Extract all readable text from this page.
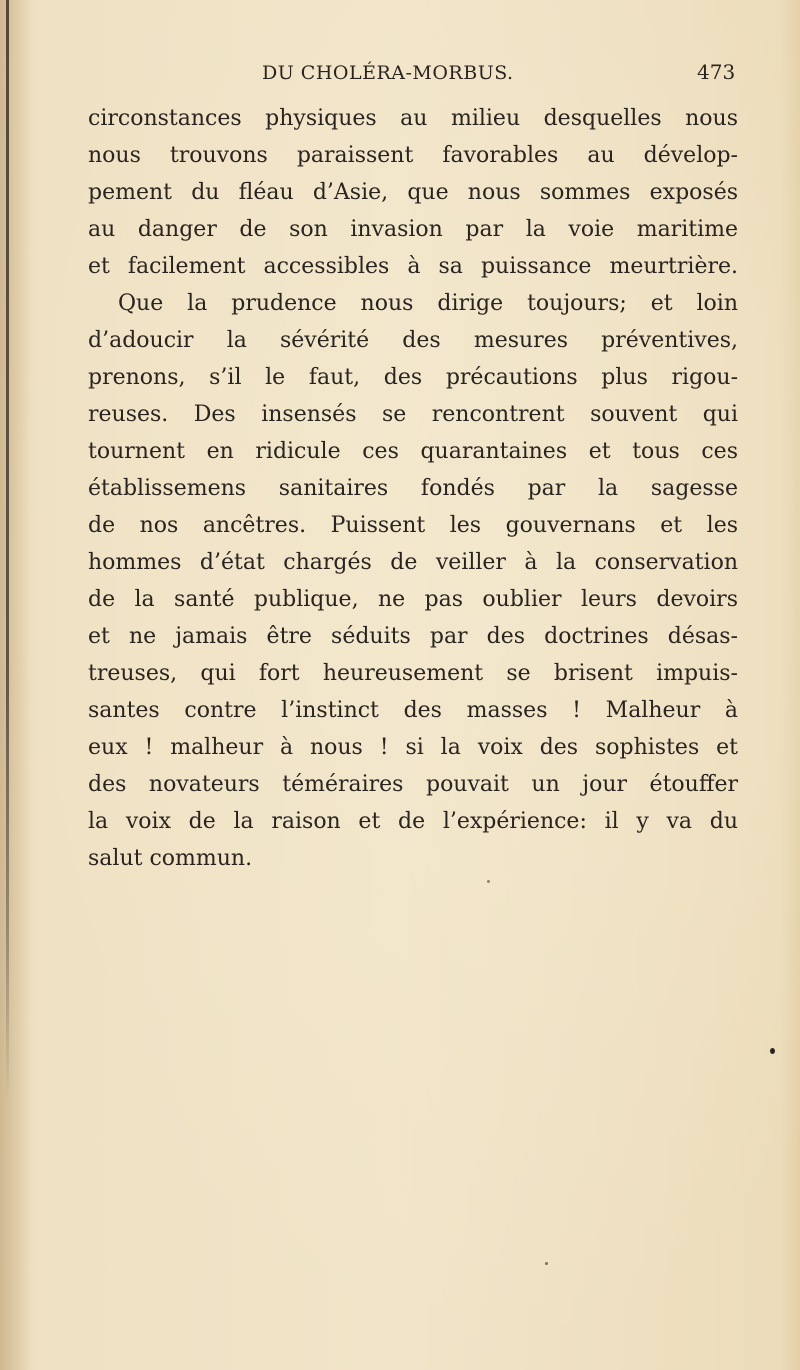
DU CHOLÉRA-MORBUS.	473
circonstances physiques au milieu desquelles nous
nous trouvons paraissent favorables au dévelop-
pement du fléau d’Asie, que nous sommes exposés
au danger de son invasion par la voie maritime
et facilement accessibles à sa puissance meurtrière.
Que la prudence nous dirige toujours; et loin
d’adoucir la sévérité des mesures préventives,
prenons, s’il le faut, des précautions plus rigou-
reuses. Des insensés se rencontrent souvent qui
tournent en ridicule ces quarantaines et tous ces
établissemens sanitaires fondés par la sagesse
de nos ancêtres. Puissent les gouvernans et les
hommes d’état chargés de veiller à la conservation
de la santé publique, ne pas oublier leurs devoirs
et ne jamais être séduits par des doctrines désas-
treuses, qui fort heureusement se brisent impuis-
santes contre l’instinct des masses ! Malheur à
eux ! malheur à nous ! si la voix des sophistes et
des novateurs téméraires pouvait un jour étouffer
la voix de la raison et de l’expérience: il y va du
salut commun.
